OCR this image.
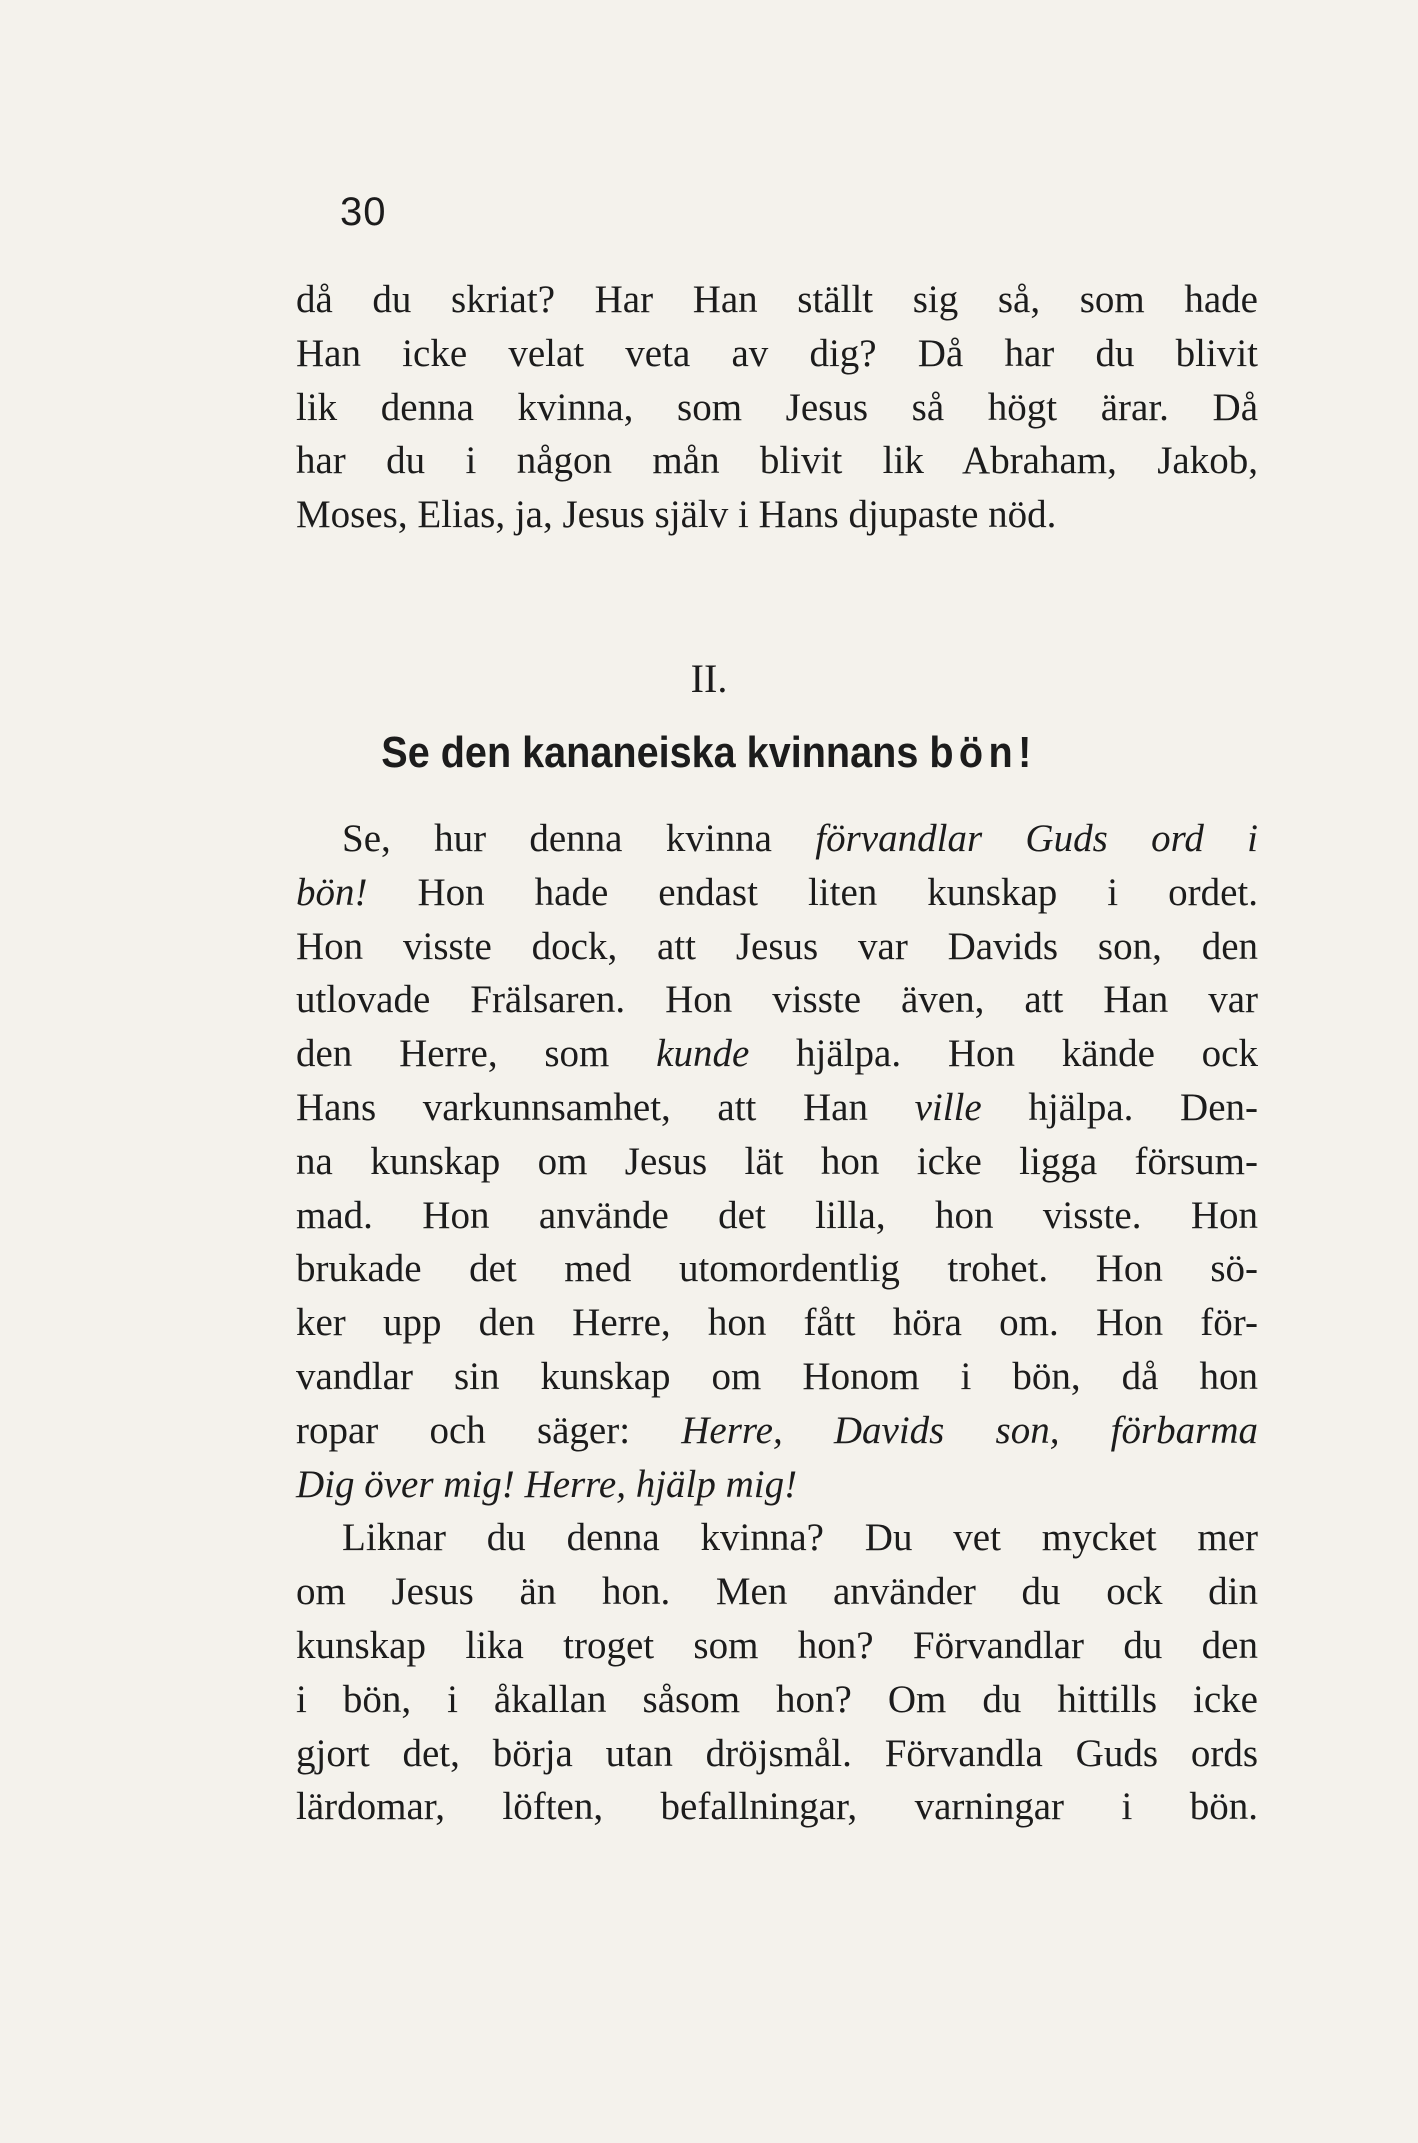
30
då du skriat? Har Han ställt sig så, som hade
Han icke velat veta av dig? Då har du blivit
lik denna kvinna, som Jesus så högt ärar. Då
har du i någon mån blivit lik Abraham, Jakob,
Moses, Elias, ja, Jesus själv i Hans djupaste nöd.
II.
Se den kananeiska kvinnans bön!
Se, hur denna kvinna förvandlar Guds ord i
bön! Hon hade endast liten kunskap i ordet.
Hon visste dock, att Jesus var Davids son, den
utlovade Frälsaren. Hon visste även, att Han var
den Herre, som kunde hjälpa. Hon kände ock
Hans varkunnsamhet, att Han ville hjälpa. Den-
na kunskap om Jesus lät hon icke ligga försum-
mad. Hon använde det lilla, hon visste. Hon
brukade det med utomordentlig trohet. Hon sö-
ker upp den Herre, hon fått höra om. Hon för-
vandlar sin kunskap om Honom i bön, då hon
ropar och säger: Herre, Davids son, förbarma
Dig över mig! Herre, hjälp mig!
Liknar du denna kvinna? Du vet mycket mer
om Jesus än hon. Men använder du ock din
kunskap lika troget som hon? Förvandlar du den
i bön, i åkallan såsom hon? Om du hittills icke
gjort det, börja utan dröjsmål. Förvandla Guds ords
lärdomar, löften, befallningar, varningar i bön.
